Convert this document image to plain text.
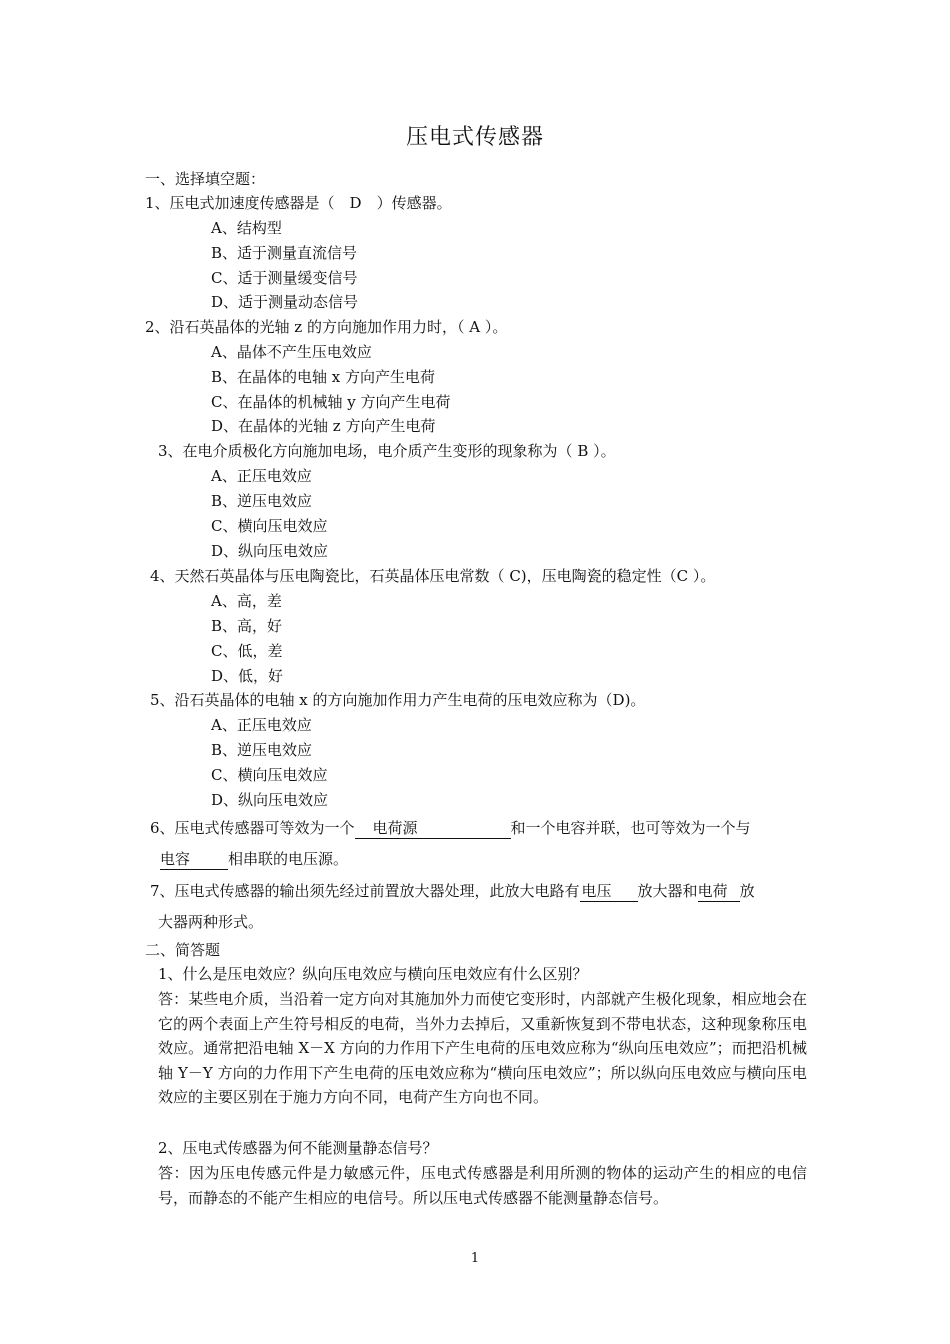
压电式传感器
一、选择填空题：
1、压电式加速度传感器是（　D　）传感器。
A、结构型
B、适于测量直流信号
C、适于测量缓变信号
D、适于测量动态信号
2、沿石英晶体的光轴 z 的方向施加作用力时，（ A ）。
A、晶体不产生压电效应
B、在晶体的电轴 x 方向产生电荷
C、在晶体的机械轴 y 方向产生电荷
D、在晶体的光轴 z 方向产生电荷
3、在电介质极化方向施加电场，电介质产生变形的现象称为（ B ）。
A、正压电效应
B、逆压电效应
C、横向压电效应
D、纵向压电效应
4、天然石英晶体与压电陶瓷比，石英晶体压电常数（ C)，压电陶瓷的稳定性（C ）。
A、高，差
B、高，好
C、低，差
D、低，好
5、沿石英晶体的电轴 x 的方向施加作用力产生电荷的压电效应称为（D)。
A、正压电效应
B、逆压电效应
C、横向压电效应
D、纵向压电效应
6、压电式传感器可等效为一个 电荷源	和一个电容并联，也可等效为一个与
电容	相串联的电压源。
7、压电式传感器的输出须先经过前置放大器处理，此放大电路有 电压 放大器和电荷 放
大器两种形式。
二、简答题
1、什么是压电效应？纵向压电效应与横向压电效应有什么区别？
答：某些电介质，当沿着一定方向对其施加外力而使它变形时，内部就产生极化现象，相应地会在它的两个表面上产生符号相反的电荷，当外力去掉后，又重新恢复到不带电状态，这种现象称压电效应。通常把沿电轴 X－X 方向的力作用下产生电荷的压电效应称为“纵向压电效应”；而把沿机械轴 Y－Y 方向的力作用下产生电荷的压电效应称为“横向压电效应”；所以纵向压电效应与横向压电效应的主要区别在于施力方向不同，电荷产生方向也不同。
2、压电式传感器为何不能测量静态信号？
答：因为压电传感元件是力敏感元件，压电式传感器是利用所测的物体的运动产生的相应的电信号，而静态的不能产生相应的电信号。所以压电式传感器不能测量静态信号。
1
